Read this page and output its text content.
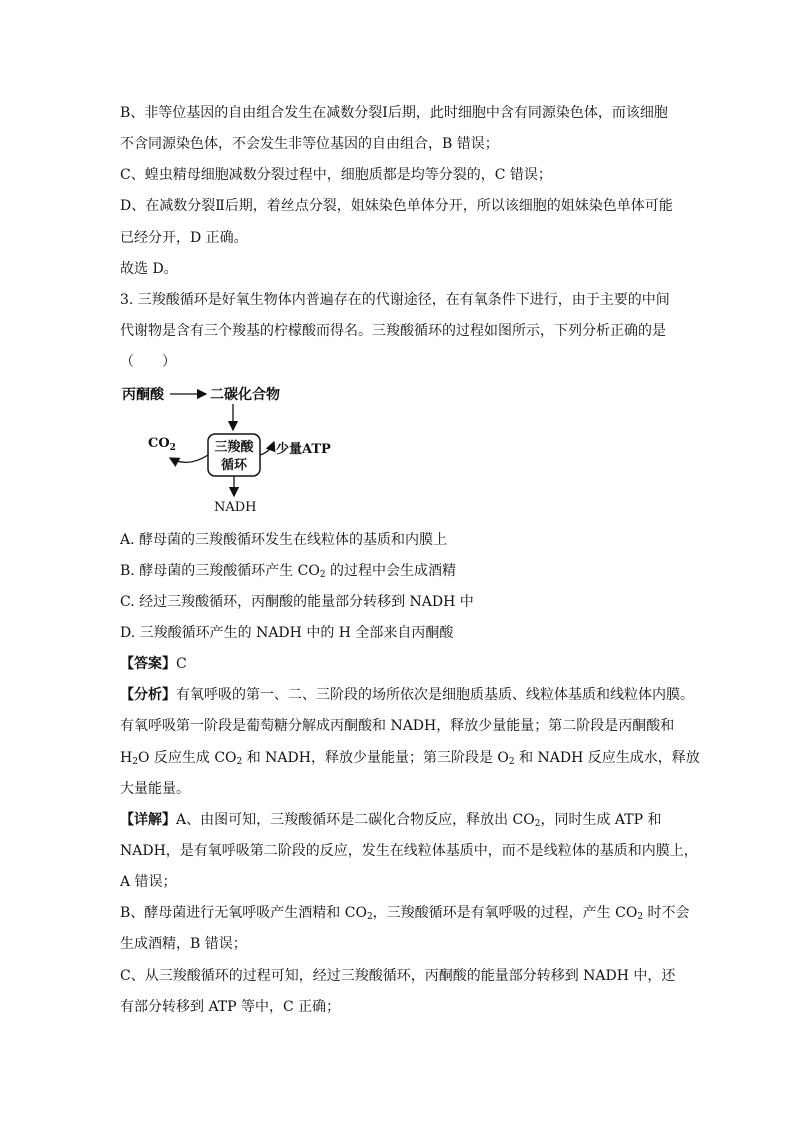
B、非等位基因的自由组合发生在减数分裂Ⅰ后期，此时细胞中含有同源染色体，而该细胞
不含同源染色体，不会发生非等位基因的自由组合，B 错误；
C、蝗虫精母细胞减数分裂过程中，细胞质都是均等分裂的，C 错误；
D、在减数分裂Ⅱ后期，着丝点分裂，姐妹染色单体分开，所以该细胞的姐妹染色单体可能
已经分开，D 正确。
故选 D。
3. 三羧酸循环是好氧生物体内普遍存在的代谢途径，在有氧条件下进行，由于主要的中间
代谢物是含有三个羧基的柠檬酸而得名。三羧酸循环的过程如图所示，下列分析正确的是
（　　）
丙酮酸	二碳化合物
三羧酸
循环
$CO_2$	少量ATP
NADH
A. 酵母菌的三羧酸循环发生在线粒体的基质和内膜上
B. 酵母菌的三羧酸循环产生 $CO_2$ 的过程中会生成酒精
C. 经过三羧酸循环，丙酮酸的能量部分转移到 NADH 中
D. 三羧酸循环产生的 NADH 中的 H 全部来自丙酮酸
【答案】C
【分析】有氧呼吸的第一、二、三阶段的场所依次是细胞质基质、线粒体基质和线粒体内膜。
有氧呼吸第一阶段是葡萄糖分解成丙酮酸和 NADH，释放少量能量；第二阶段是丙酮酸和
$H_2O$ 反应生成 $CO_2$ 和 NADH，释放少量能量；第三阶段是 $O_2$ 和 NADH 反应生成水，释放
大量能量。
【详解】A、由图可知，三羧酸循环是二碳化合物反应，释放出 $CO_2$，同时生成 ATP 和
NADH，是有氧呼吸第二阶段的反应，发生在线粒体基质中，而不是线粒体的基质和内膜上，
A 错误；
B、酵母菌进行无氧呼吸产生酒精和 $CO_2$，三羧酸循环是有氧呼吸的过程，产生 $CO_2$ 时不会
生成酒精，B 错误；
C、从三羧酸循环的过程可知，经过三羧酸循环，丙酮酸的能量部分转移到 NADH 中，还
有部分转移到 ATP 等中，C 正确；
